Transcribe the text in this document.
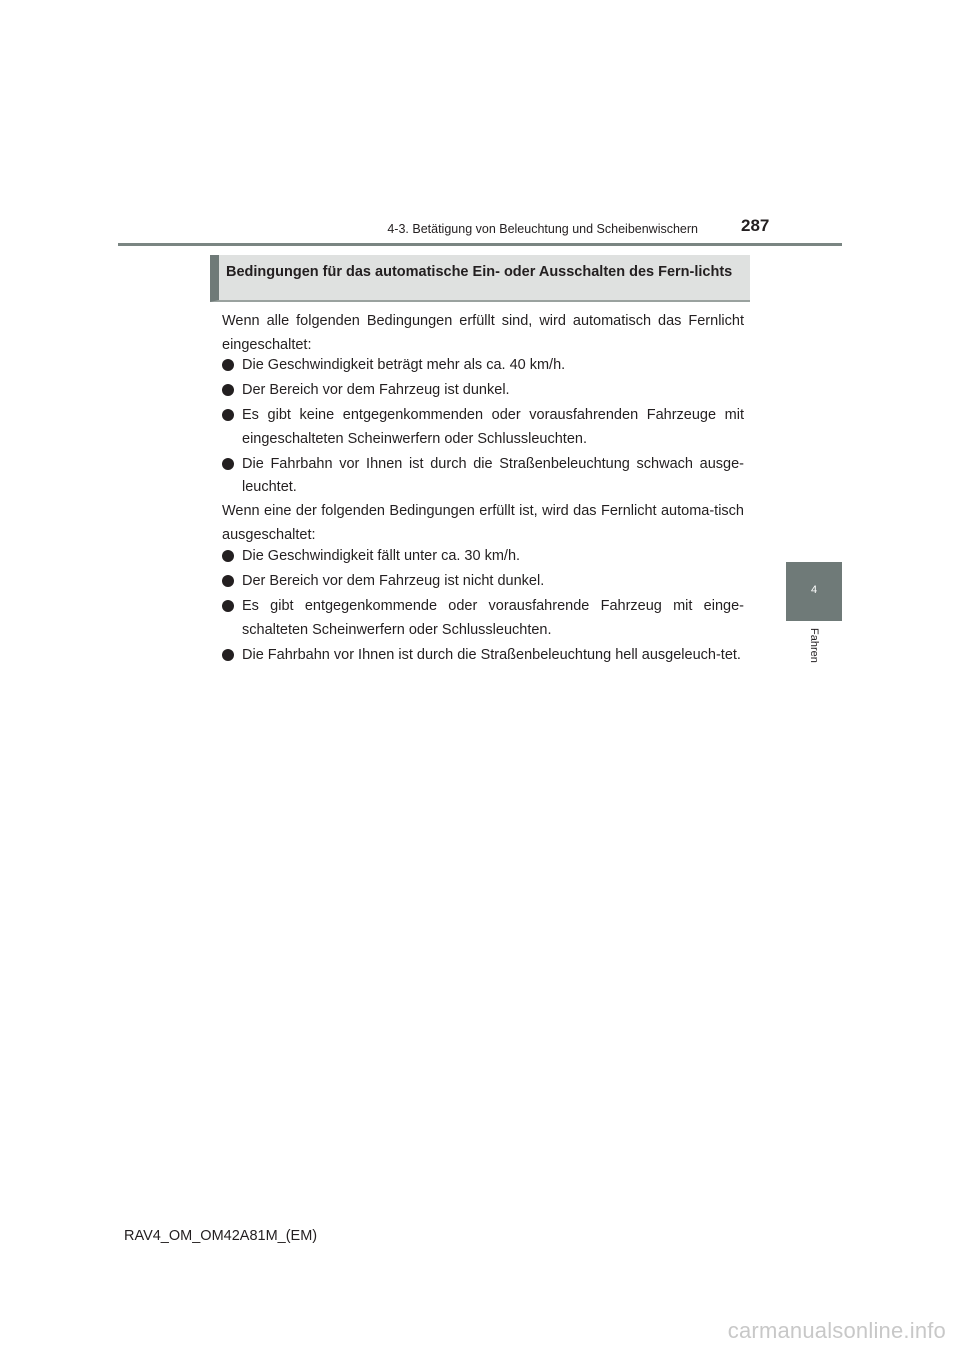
4-3. Betätigung von Beleuchtung und Scheibenwischern	287
4
Fahren
Bedingungen für das automatische Ein- oder Ausschalten des Fern-lichts
Wenn alle folgenden Bedingungen erfüllt sind, wird automatisch das Fernlicht eingeschaltet:
Die Geschwindigkeit beträgt mehr als ca. 40 km/h.
Der Bereich vor dem Fahrzeug ist dunkel.
Es gibt keine entgegenkommenden oder vorausfahrenden Fahrzeuge mit eingeschalteten Scheinwerfern oder Schlussleuchten.
Die Fahrbahn vor Ihnen ist durch die Straßenbeleuchtung schwach ausge-leuchtet.
Wenn eine der folgenden Bedingungen erfüllt ist, wird das Fernlicht automa-tisch ausgeschaltet:
Die Geschwindigkeit fällt unter ca. 30 km/h.
Der Bereich vor dem Fahrzeug ist nicht dunkel.
Es gibt entgegenkommende oder vorausfahrende Fahrzeug mit einge-schalteten Scheinwerfern oder Schlussleuchten.
Die Fahrbahn vor Ihnen ist durch die Straßenbeleuchtung hell ausgeleuch-tet.
RAV4_OM_OM42A81M_(EM)
carmanualsonline.info
